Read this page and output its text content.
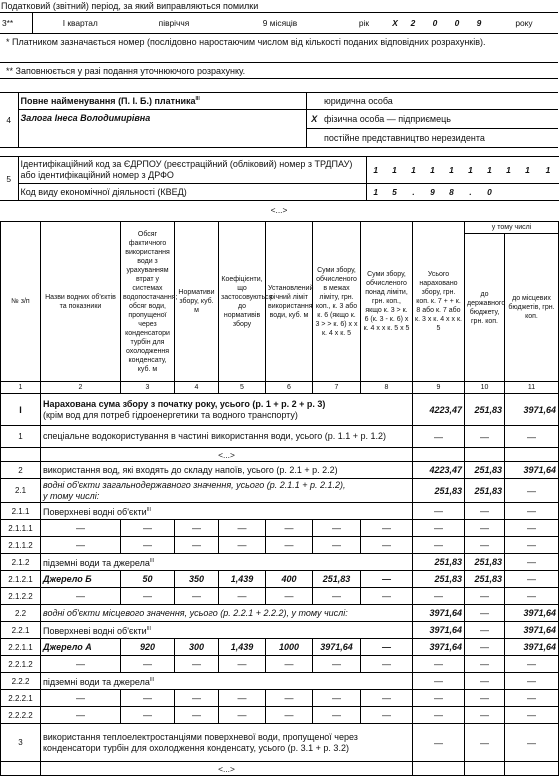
Податковий (звітний) період, за який виправляються помилки
3**	I квартал	півріччя	9 місяців	рік	X	2	0	0	9	року
* Платником зазначається номер (послідовно наростаючим числом від кількості поданих відповідних розрахунків).
** Заповнюється у разі подання уточнюючого розрахунку.
4	Повне найменування (П. І. Б.) платника$^{III}$		юридична особа
	Залога Інеса Володимирівна	X	фізична особа — підприємець
			постійне представництво нерезидента
5	Ідентифікаційний код за ЄДРПОУ (реєстраційний (обліковий) номер з ТРДПАУ) або ідентифікаційний номер з ДРФО	1	1	1	1	1	1	1	1	1	1
	Код виду економічної діяльності (КВЕД)	1	5	.	9	8	.	0			
<...>
№ з/п	Назви водних об'єктів та показники	Обсяг фактичного використання води з урахуванням втрат у системах водопостачання; обсяг води, пропущеної через конденсатори турбін для охолодження конденсату, куб. м	Нормативи збору, куб. м	Коефіцієнти, що застосовуються до нормативів збору	Установлений річний ліміт використання води, куб. м	Суми збору, обчисленого в межах ліміту, грн. коп., к. 3 або к. 6 (якщо к. 3 > > к. 6) x x к. 4 x к. 5	Суми збору, обчисленого понад ліміти, грн. коп., якщо к. 3 > к. 6 (к. 3 - к. 6) x к. 4 x x к. 5 x 5	Усього нараховано збору, грн. коп. к. 7 + + к. 8 або к. 7 або к. 3 x к. 4 x x к. 5	у тому числі	
									до державного бюджету, грн. коп.	до місцевих бюджетів, грн. коп.
1	2	3	4	5	6	7	8	9	10	11
I	Нарахована сума збору з початку року, усього (р. 1 + р. 2 + р. 3)
(крім вод для потреб гідроенергетики та водного транспорту)							4223,47	251,83	3971,64
1	спеціальне водокористування в частині використання води, усього (р. 1.1 + р. 1.2)							—	—	—
	<...>									
2	використання вод, які входять до складу напоїв, усього (р. 2.1 + р. 2.2)							4223,47	251,83	3971,64
2.1	водні об'єкти загальнодержавного значення, усього (р. 2.1.1 + р. 2.1.2),
у тому числі:							251,83	251,83	—
2.1.1	Поверхневі водні об'єкти$^{III}$							—	—	—
2.1.1.1	—	—	—	—	—	—	—	—	—	—
2.1.1.2	—	—	—	—	—	—	—	—	—	—
2.1.2	підземні води та джерела$^{III}$							251,83	251,83	—
2.1.2.1	Джерело Б	50	350	1,439	400	251,83	—	251,83	251,83	—
2.1.2.2	—	—	—	—	—	—	—	—	—	—
2.2	водні об'єкти місцевого значення, усього (р. 2.2.1 + 2.2.2), у тому числі:							3971,64	—	3971,64
2.2.1	Поверхневі водні об'єкти$^{III}$							3971,64	—	3971,64
2.2.1.1	Джерело А	920	300	1,439	1000	3971,64	—	3971,64	—	3971,64
2.2.1.2	—	—	—	—	—	—	—	—	—	—
2.2.2	підземні води та джерела$^{III}$							—	—	—
2.2.2.1	—	—	—	—	—	—	—	—	—	—
2.2.2.2	—	—	—	—	—	—	—	—	—	—
3	використання теплоелектростанціями поверхневої води, пропущеної через конденсатори турбін для охолодження конденсату, усього (р. 3.1 + р. 3.2)							—	—	—
	<...>									
